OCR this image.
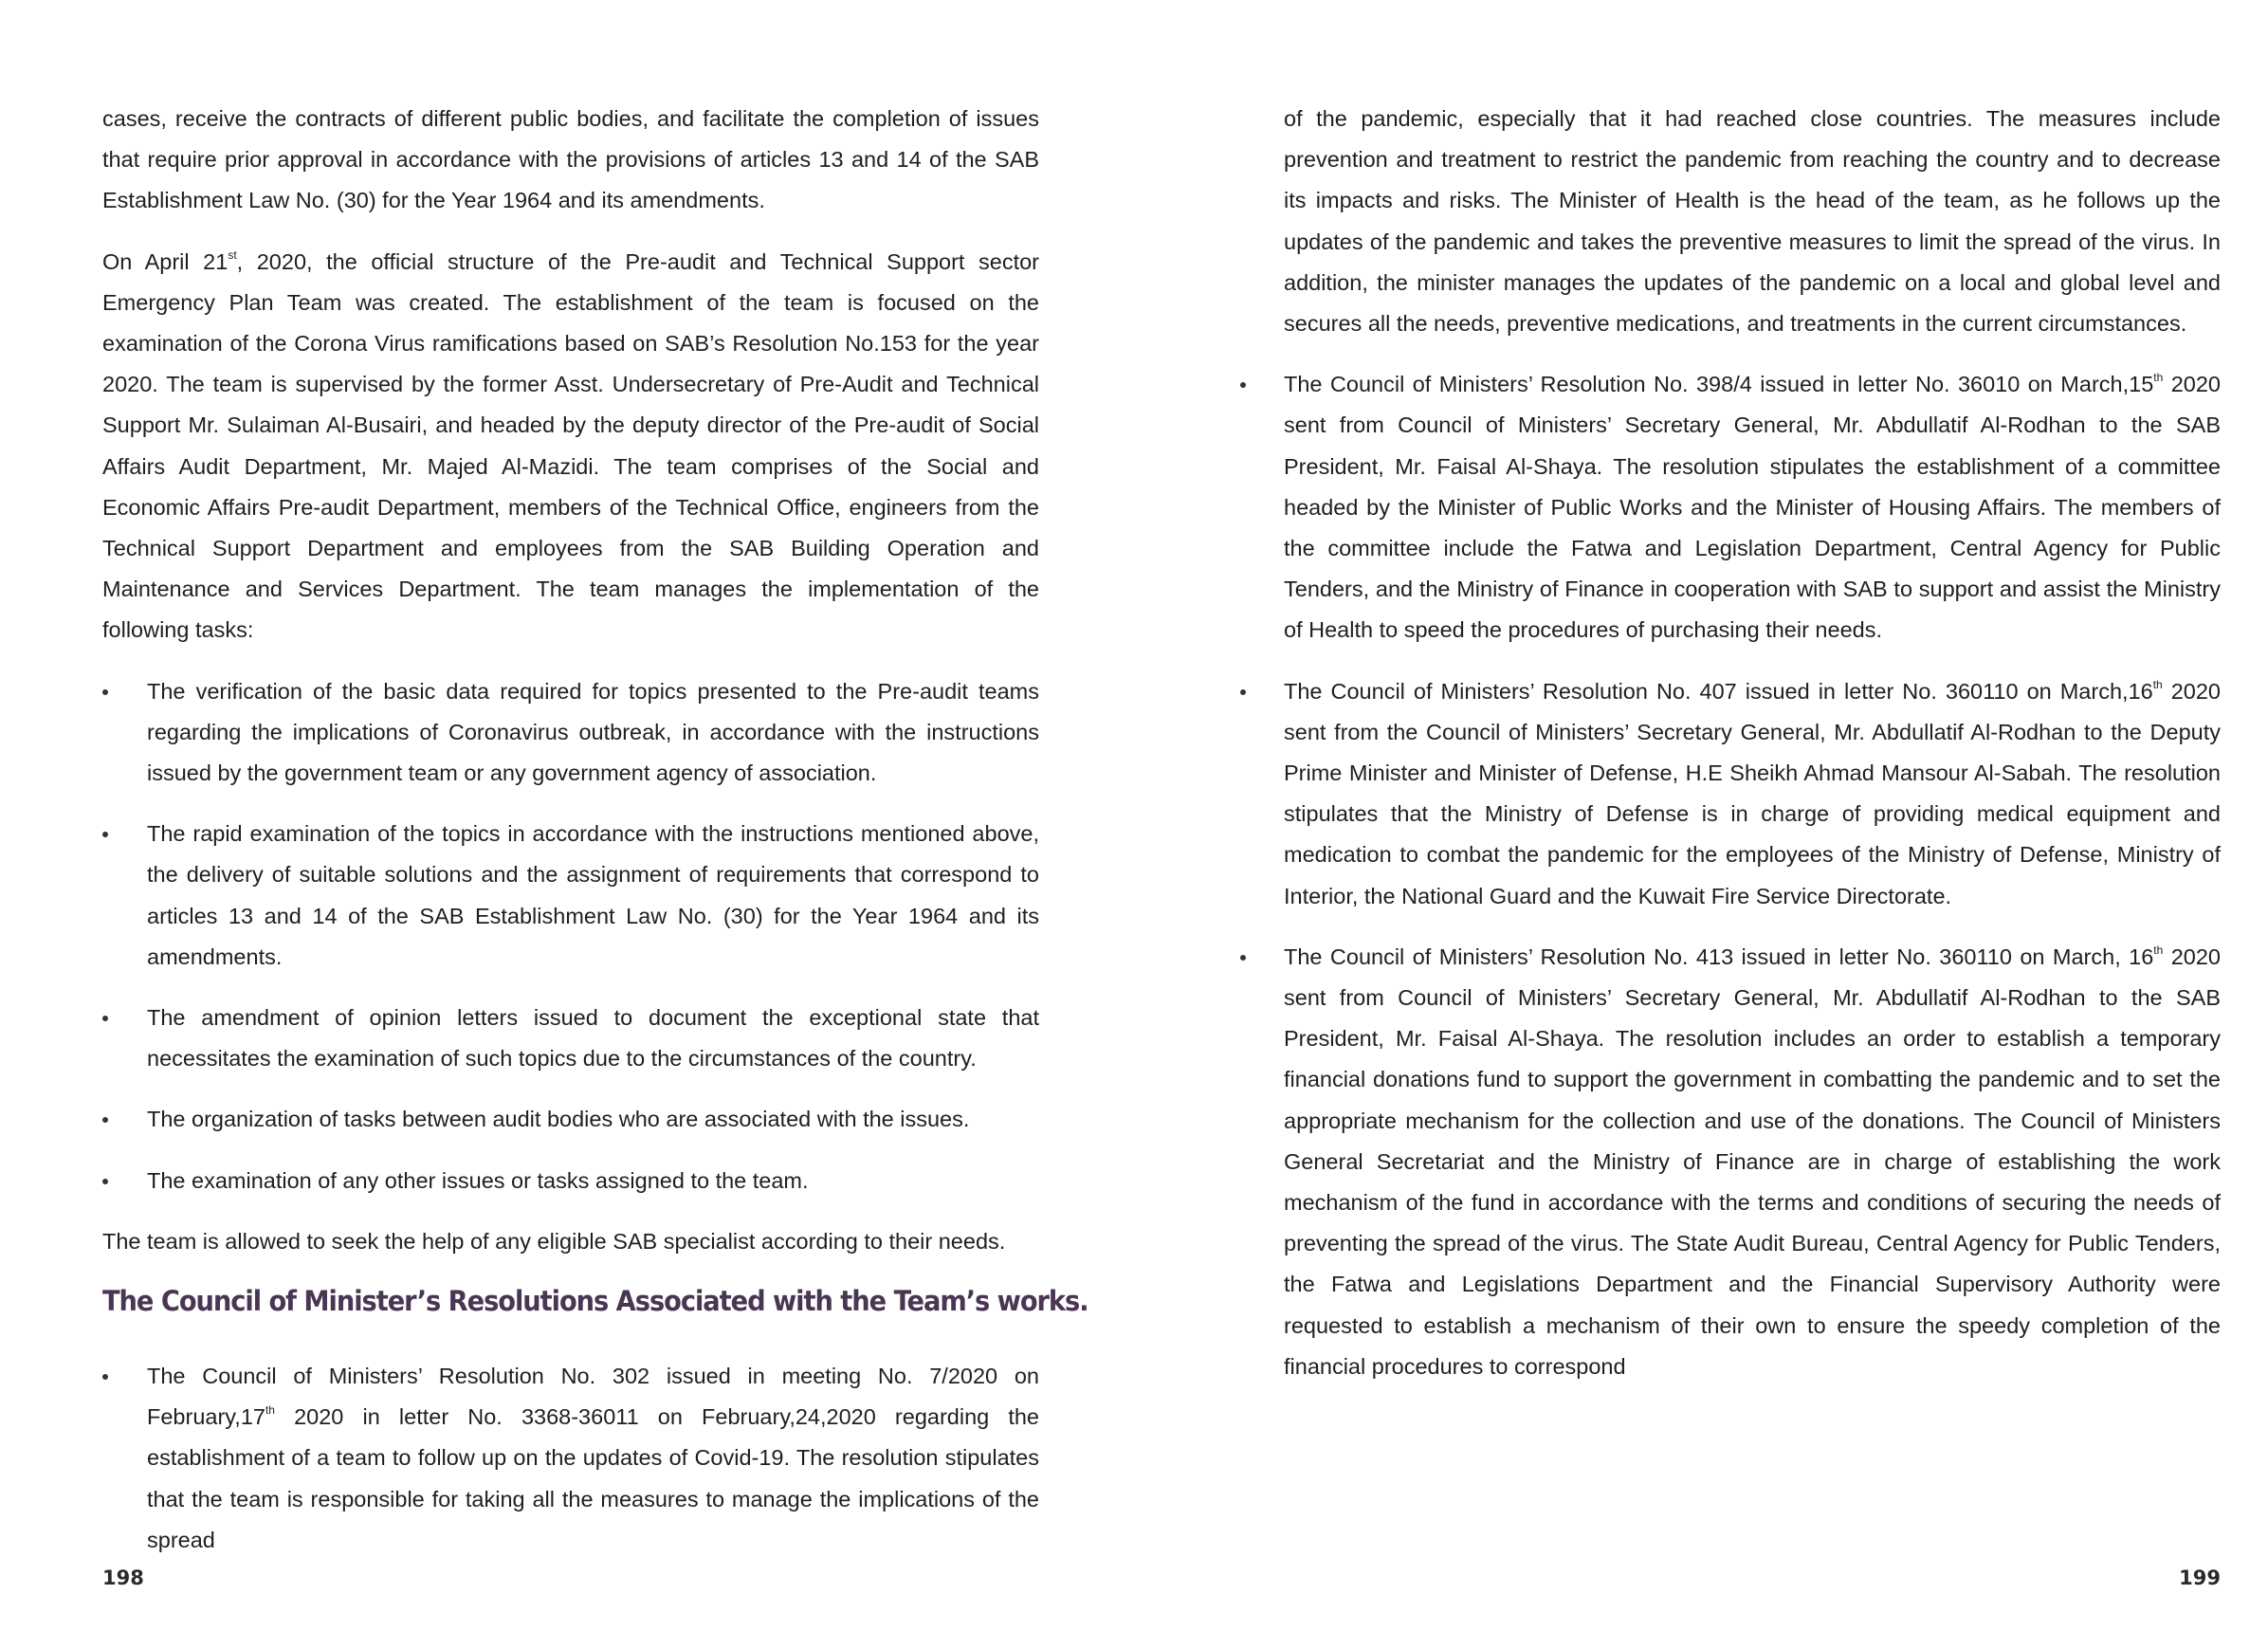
cases, receive the contracts of different public bodies, and facilitate the completion of issues that require prior approval in accordance with the provisions of articles 13 and 14 of the SAB Establishment Law No. (30) for the Year 1964 and its amendments.

On April 21st, 2020, the official structure of the Pre-audit and Technical Support sector Emergency Plan Team was created. The establishment of the team is focused on the examination of the Corona Virus ramifications based on SAB’s Resolution No.153 for the year 2020. The team is supervised by the former Asst. Undersecretary of Pre-Audit and Technical Support Mr. Sulaiman Al-Busairi, and headed by the deputy director of the Pre-audit of Social Affairs Audit Department, Mr. Majed Al-Mazidi. The team comprises of the Social and Economic Affairs Pre-audit Department, members of the Technical Office, engineers from the Technical Support Department and employees from the SAB Building Operation and Maintenance and Services Department. The team manages the implementation of the following tasks:

The verification of the basic data required for topics presented to the Pre-audit teams regarding the implications of Coronavirus outbreak, in accordance with the instructions issued by the government team or any government agency of association.
The rapid examination of the topics in accordance with the instructions mentioned above, the delivery of suitable solutions and the assignment of requirements that correspond to articles 13 and 14 of the SAB Establishment Law No. (30) for the Year 1964 and its amendments.
The amendment of opinion letters issued to document the exceptional state that necessitates the examination of such topics due to the circumstances of the country.
The organization of tasks between audit bodies who are associated with the issues.
The examination of any other issues or tasks assigned to the team.

The team is allowed to seek the help of any eligible SAB specialist according to their needs.

The Council of Minister’s Resolutions Associated with the Team’s works.
The Council of Ministers’ Resolution No. 302 issued in meeting No. 7/2020 on February,17th 2020 in letter No. 3368-36011 on February,24,2020 regarding the establishment of a team to follow up on the updates of Covid-19. The resolution stipulates that the team is responsible for taking all the measures to manage the implications of the spread
198

of the pandemic, especially that it had reached close countries. The measures include prevention and treatment to restrict the pandemic from reaching the country and to decrease its impacts and risks. The Minister of Health is the head of the team, as he follows up the updates of the pandemic and takes the preventive measures to limit the spread of the virus. In addition, the minister manages the updates of the pandemic on a local and global level and secures all the needs, preventive medications, and treatments in the current circumstances.

The Council of Ministers’ Resolution No. 398/4 issued in letter No. 36010 on March,15th 2020 sent from Council of Ministers’ Secretary General, Mr. Abdullatif Al-Rodhan to the SAB President, Mr. Faisal Al-Shaya. The resolution stipulates the establishment of a committee headed by the Minister of Public Works and the Minister of Housing Affairs. The members of the committee include the Fatwa and Legislation Department, Central Agency for Public Tenders, and the Ministry of Finance in cooperation with SAB to support and assist the Ministry of Health to speed the procedures of purchasing their needs.
The Council of Ministers’ Resolution No. 407 issued in letter No. 360110 on March,16th 2020 sent from the Council of Ministers’ Secretary General, Mr. Abdullatif Al-Rodhan to the Deputy Prime Minister and Minister of Defense, H.E Sheikh Ahmad Mansour Al-Sabah. The resolution stipulates that the Ministry of Defense is in charge of providing medical equipment and medication to combat the pandemic for the employees of the Ministry of Defense, Ministry of Interior, the National Guard and the Kuwait Fire Service Directorate.
The Council of Ministers’ Resolution No. 413 issued in letter No. 360110 on March, 16th 2020 sent from Council of Ministers’ Secretary General, Mr. Abdullatif Al-Rodhan to the SAB President, Mr. Faisal Al-Shaya. The resolution includes an order to establish a temporary financial donations fund to support the government in combatting the pandemic and to set the appropriate mechanism for the collection and use of the donations. The Council of Ministers General Secretariat and the Ministry of Finance are in charge of establishing the work mechanism of the fund in accordance with the terms and conditions of securing the needs of preventing the spread of the virus. The State Audit Bureau, Central Agency for Public Tenders, the Fatwa and Legislations Department and the Financial Supervisory Authority were requested to establish a mechanism of their own to ensure the speedy completion of the financial procedures to correspond
199
